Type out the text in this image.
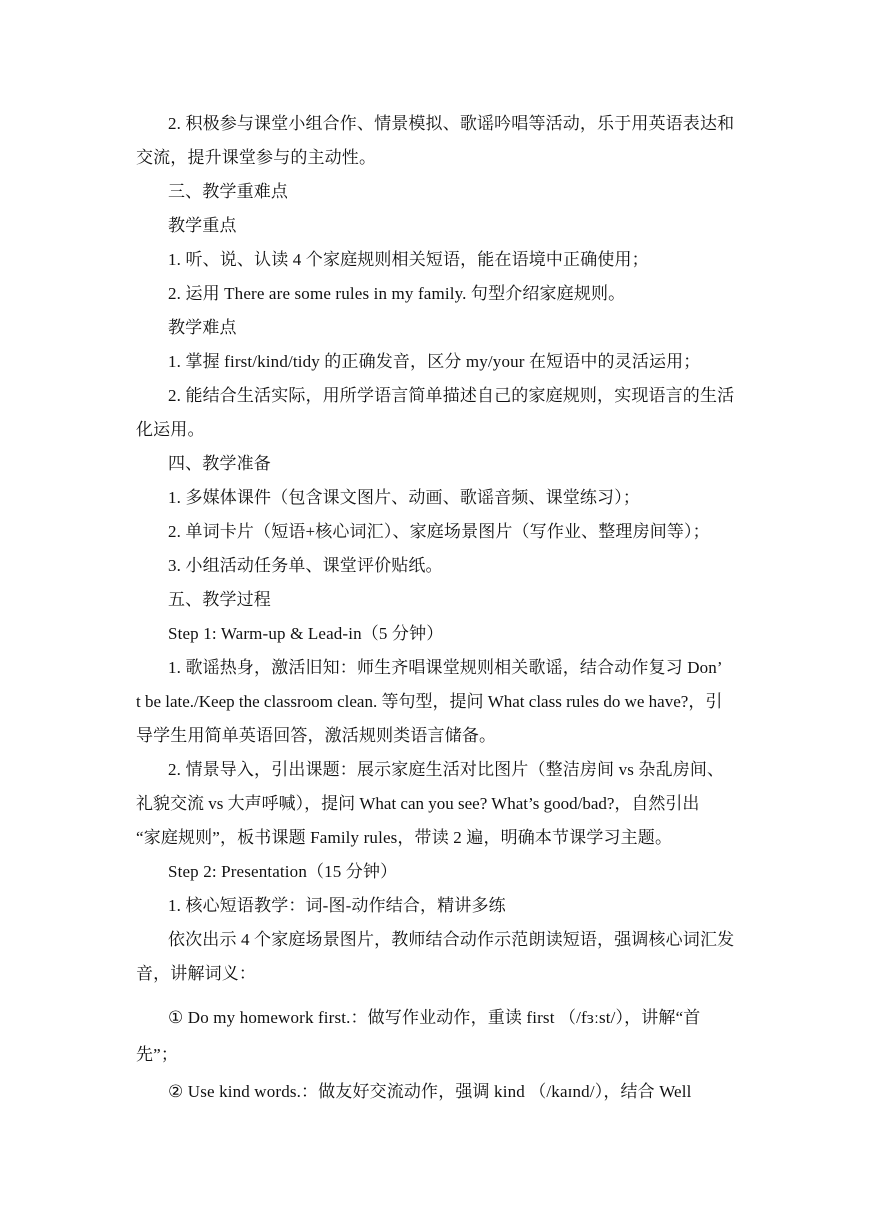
2. 积极参与课堂小组合作、情景模拟、歌谣吟唱等活动，乐于用英语表达和
交流，提升课堂参与的主动性。
三、教学重难点
教学重点
1. 听、说、认读 4 个家庭规则相关短语，能在语境中正确使用；
2. 运用 There are some rules in my family. 句型介绍家庭规则。
教学难点
1. 掌握 first/kind/tidy 的正确发音，区分 my/your 在短语中的灵活运用；
2. 能结合生活实际，用所学语言简单描述自己的家庭规则，实现语言的生活
化运用。
四、教学准备
1. 多媒体课件（包含课文图片、动画、歌谣音频、课堂练习）；
2. 单词卡片（短语+核心词汇）、家庭场景图片（写作业、整理房间等）；
3. 小组活动任务单、课堂评价贴纸。
五、教学过程
Step 1: Warm-up & Lead-in（5 分钟）
1. 歌谣热身，激活旧知：师生齐唱课堂规则相关歌谣，结合动作复习 Don’
t be late./Keep the classroom clean. 等句型，提问 What class rules do we have?，引
导学生用简单英语回答，激活规则类语言储备。
2. 情景导入，引出课题：展示家庭生活对比图片（整洁房间 vs 杂乱房间、
礼貌交流 vs 大声呼喊），提问 What can you see? What’s good/bad?，自然引出
“家庭规则”，板书课题 Family rules，带读 2 遍，明确本节课学习主题。
Step 2: Presentation（15 分钟）
1. 核心短语教学：词-图-动作结合，精讲多练
依次出示 4 个家庭场景图片，教师结合动作示范朗读短语，强调核心词汇发
音，讲解词义：
① Do my homework first.：做写作业动作，重读 first （/fɜːst/），讲解“首
先”；
② Use kind words.：做友好交流动作，强调 kind （/kaɪnd/），结合 Well
